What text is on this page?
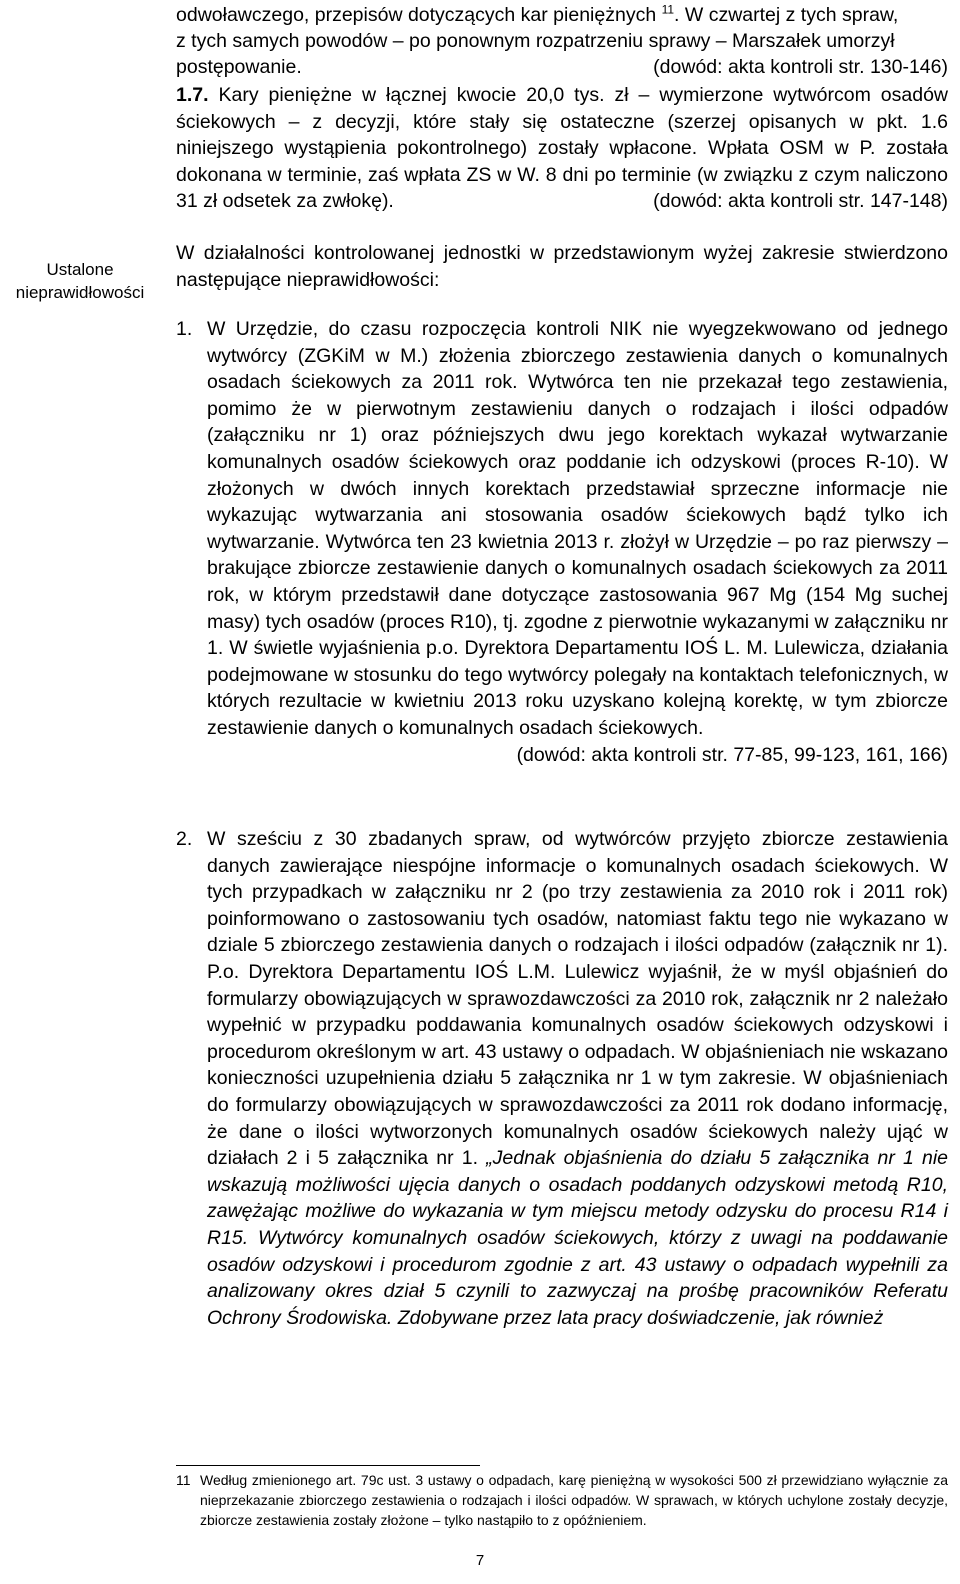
Ustalone
nieprawidłowości
odwoławczego, przepisów dotyczących kar pieniężnych $^{11}$. W czwartej z tych spraw,
z tych samych powodów – po ponownym rozpatrzeniu sprawy – Marszałek umorzył
postępowanie.	(dowód: akta kontroli str. 130-146)
1.7. Kary pieniężne w łącznej kwocie 20,0 tys. zł – wymierzone wytwórcom osadów ściekowych – z decyzji, które stały się ostateczne (szerzej opisanych w pkt. 1.6 niniejszego wystąpienia pokontrolnego) zostały wpłacone. Wpłata OSM w P. została dokonana w terminie, zaś wpłata ZS w W. 8 dni po terminie (w związku z czym naliczono 31 zł odsetek za zwłokę).	(dowód: akta kontroli str. 147-148)
W działalności kontrolowanej jednostki w przedstawionym wyżej zakresie stwierdzono następujące nieprawidłowości:
1. W Urzędzie, do czasu rozpoczęcia kontroli NIK nie wyegzekwowano od jednego wytwórcy (ZGKiM w M.) złożenia zbiorczego zestawienia danych o komunalnych osadach ściekowych za 2011 rok. Wytwórca ten nie przekazał tego zestawienia, pomimo że w pierwotnym zestawieniu danych o rodzajach i ilości odpadów (załączniku nr 1) oraz późniejszych dwu jego korektach wykazał wytwarzanie komunalnych osadów ściekowych oraz poddanie ich odzyskowi (proces R-10). W złożonych w dwóch innych korektach przedstawiał sprzeczne informacje nie wykazując wytwarzania ani stosowania osadów ściekowych bądź tylko ich wytwarzanie. Wytwórca ten 23 kwietnia 2013 r. złożył w Urzędzie – po raz pierwszy – brakujące zbiorcze zestawienie danych o komunalnych osadach ściekowych za 2011 rok, w którym przedstawił dane dotyczące zastosowania 967 Mg (154 Mg suchej masy) tych osadów (proces R10), tj. zgodne z pierwotnie wykazanymi w załączniku nr 1. W świetle wyjaśnienia p.o. Dyrektora Departamentu IOŚ L. M. Lulewicza, działania podejmowane w stosunku do tego wytwórcy polegały na kontaktach telefonicznych, w których rezultacie w kwietniu 2013 roku uzyskano kolejną korektę, w tym zbiorcze zestawienie danych o komunalnych osadach ściekowych.
(dowód: akta kontroli str. 77-85, 99-123, 161, 166)
2. W sześciu z 30 zbadanych spraw, od wytwórców przyjęto zbiorcze zestawienia danych zawierające niespójne informacje o komunalnych osadach ściekowych. W tych przypadkach w załączniku nr 2 (po trzy zestawienia za 2010 rok i 2011 rok) poinformowano o zastosowaniu tych osadów, natomiast faktu tego nie wykazano w dziale 5 zbiorczego zestawienia danych o rodzajach i ilości odpadów (załącznik nr 1). P.o. Dyrektora Departamentu IOŚ L.M. Lulewicz wyjaśnił, że w myśl objaśnień do formularzy obowiązujących w sprawozdawczości za 2010 rok, załącznik nr 2 należało wypełnić w przypadku poddawania komunalnych osadów ściekowych odzyskowi i procedurom określonym w art. 43 ustawy o odpadach. W objaśnieniach nie wskazano konieczności uzupełnienia działu 5 załącznika nr 1 w tym zakresie. W objaśnieniach do formularzy obowiązujących w sprawozdawczości za 2011 rok dodano informację, że dane o ilości wytworzonych komunalnych osadów ściekowych należy ująć w działach 2 i 5 załącznika nr 1. „Jednak objaśnienia do działu 5 załącznika nr 1 nie wskazują możliwości ujęcia danych o osadach poddanych odzyskowi metodą R10, zawężając możliwe do wykazania w tym miejscu metody odzysku do procesu R14 i R15. Wytwórcy komunalnych osadów ściekowych, którzy z uwagi na poddawanie osadów odzyskowi i procedurom zgodnie z art. 43 ustawy o odpadach wypełnili za analizowany okres dział 5 czynili to zazwyczaj na prośbę pracowników Referatu Ochrony Środowiska. Zdobywane przez lata pracy doświadczenie, jak również
11 Według zmienionego art. 79c ust. 3 ustawy o odpadach, karę pieniężną w wysokości 500 zł przewidziano wyłącznie za nieprzekazanie zbiorczego zestawienia o rodzajach i ilości odpadów. W sprawach, w których uchylone zostały decyzje, zbiorcze zestawienia zostały złożone – tylko nastąpiło to z opóźnieniem.
7
